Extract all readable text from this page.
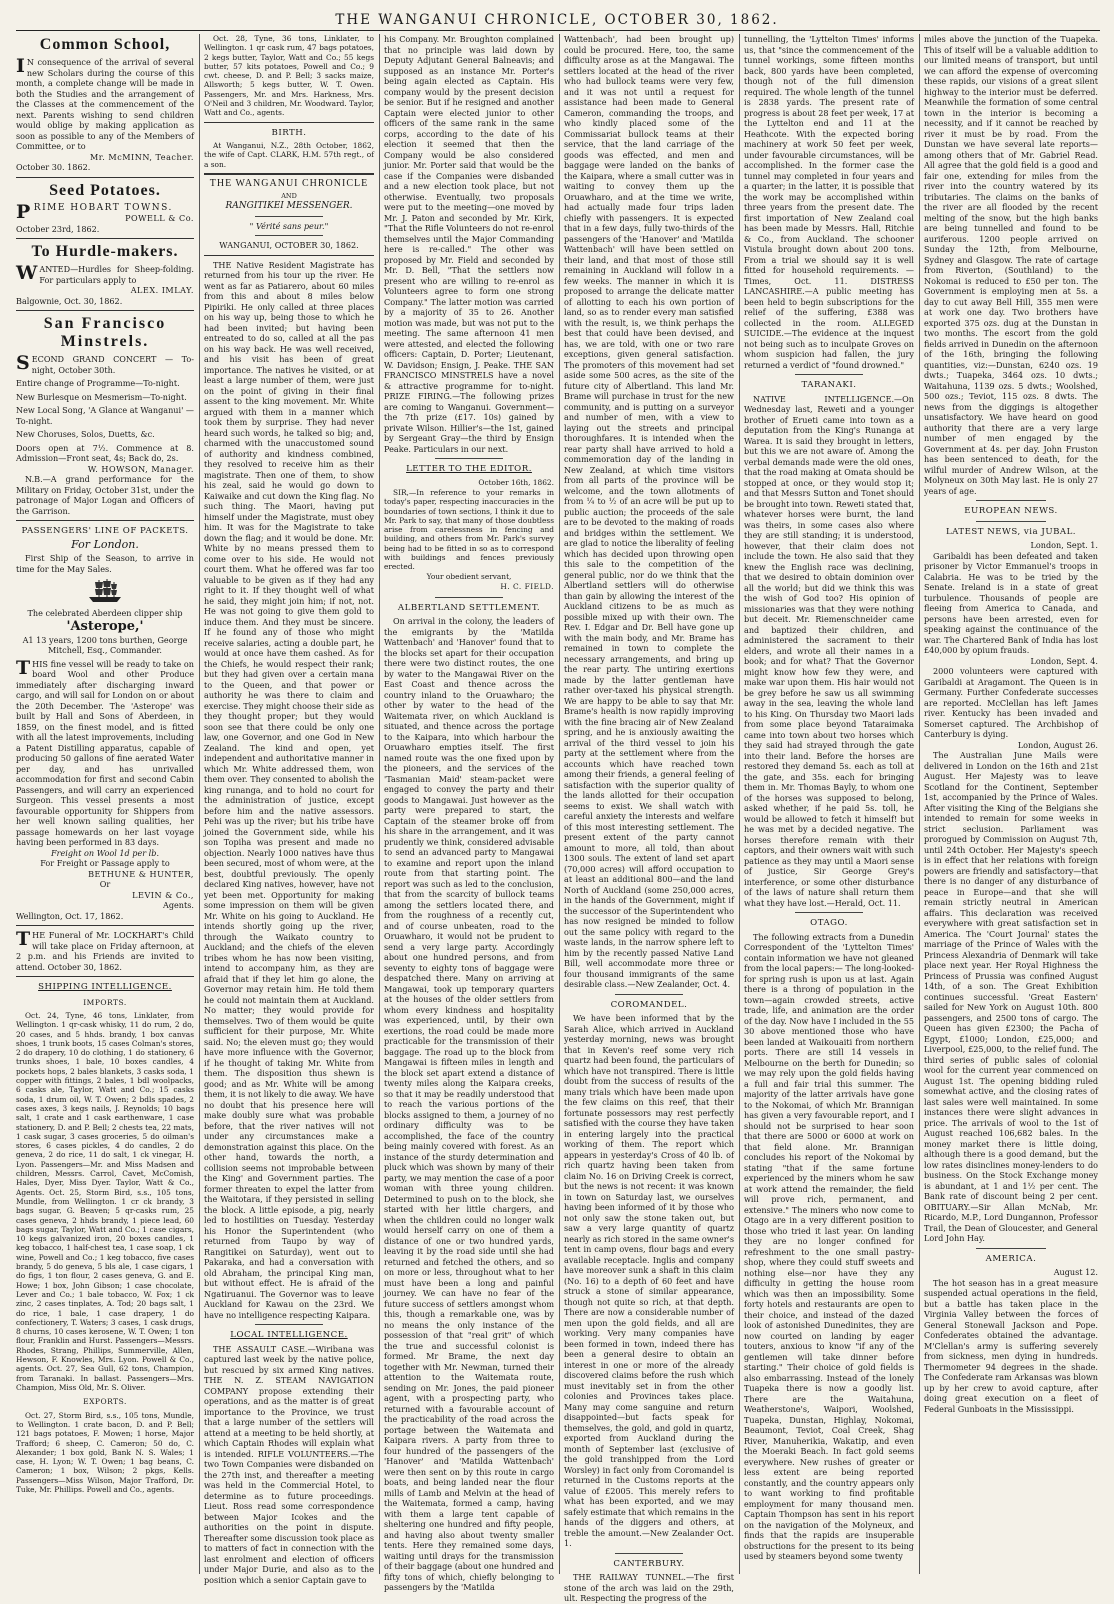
THE WANGANUI CHRONICLE, OCTOBER 30, 1862.
Common School,

IN consequence of the arrival of several new Scholars during the course of this month, a complete change will be made in both the Studies and the arrangement of the Classes at the commencement of the next. Parents wishing to send children would oblige by making application as soon as possible to any of the Members of Committee, or to

Mr. McMINN, Teacher.
October 30. 1862.
Seed Potatoes.

PRIME HOBART TOWNS.

POWELL & Co.
October 23rd, 1862.
To Hurdle-makers.

WANTED—Hurdles for Sheep-folding. For particulars apply to

ALEX. IMLAY.
Balgownie, Oct. 30, 1862.
San Francisco Minstrels.

SECOND GRAND CONCERT — To-night, October 30th.

Entire change of Programme—To-night.

New Burlesque on Mesmerism—To-night.

New Local Song, 'A Glance at Wanganui' —To-night.

New Choruses, Solos, Duetts, &c.

Doors open at 7½. Commence at 8. Admission—Front seat, 4s; Back do, 2s.

W. HOWSON, Manager.

N.B.—A grand performance for the Military on Friday, October 31st, under the patronage of Major Logan and Officers of the Garrison.

PASSENGERS' LINE OF PACKETS.
For London.

First Ship of the Season, to arrive in time for the May Sales.

The celebrated Aberdeen clipper ship
'Asterope,'
A1 13 years, 1200 tons burthen, George Mitchell, Esq., Commander.

THIS fine vessel will be ready to take on board Wool and other Produce immediately after discharging inward cargo, and will sail for London on or about the 20th December. The 'Asterope' was built by Hall and Sons of Aberdeen, in 1859, on the finest model, and is fitted with all the latest improvements, including a Patent Distilling apparatus, capable of producing 50 gallons of fine aerated Water per day, and has unrivalled accommodation for first and second Cabin Passengers, and will carry an experienced Surgeon. This vessel presents a most favourable opportunity for Shippers from her well known sailing qualities, her passage homewards on her last voyage having been performed in 83 days.

Freight on Wool 1d per lb.
For Freight or Passage apply to
BETHUNE & HUNTER,
Or
LEVIN & Co.,
Agents.
Wellington, Oct. 17, 1862.

THE Funeral of Mr. LOCKHART's Child will take place on Friday afternoon, at 2 p.m. and his Friends are invited to attend. October 30, 1862.

SHIPPING INTELLIGENCE.
IMPORTS.

Oct. 24, Tyne, 46 tons, Linklater, from Wellington. 1 qr-cask whisky, 11 do rum, 2 do, 20 cases, and 5 hhds. brandy, 1 box canvas shoes, 1 trunk boots, 15 cases Colman's stores, 2 do drapery, 10 do clothing, 1 do stationery, 6 trunks shoes, 1 bale, 10 boxes candles, 4 pockets hops, 2 bales blankets, 3 casks soda, 1 copper with fittings, 2 bales, 1 bdl woolpacks, 6 casks ale, Taylor, Watt and Co.; 15 casks soda, 1 drum oil, W. T. Owen; 2 bdls spades, 2 cases axes, 3 kegs nails, J. Reynolds; 10 bags salt, 1 crate and 1 cask earthenware, 1 case stationery, D. and P. Bell; 2 chests tea, 22 mats, 1 cask sugar, 3 cases groceries, 5 do oilman's stores, 6 cases pickles, 4 do candles, 2 do geneva, 2 do rice, 11 do salt, 1 ck vinegar, H. Lyon. Passengers—Mr. and Miss Madsen and children, Messrs. Carrol, Cavet, McComish, Hales, Dyer, Miss Dyer. Taylor, Watt & Co., Agents. Oct. 25, Storm Bird, s.s., 105 tons, Mundle, from Wellington. 1 cr ck brandy, 3 bags sugar, G. Beaven; 5 qr-casks rum, 25 cases geneva, 2 hhds brandy, 1 piece lead, 60 bags sugar, Taylor, Watt and Co.; 1 case cigars, 10 kegs galvanized iron, 20 boxes candles, 1 keg tobacco, 1 half-chest tea, 1 case soap, 1 ck wine, Powell and Co.; 1 keg tobacco, five cases brandy, 5 do geneva, 5 bls ale, 1 case cigars, 1 do figs, 1 ton flour, 2 cases geneva, G. and E. Howe; 1 box, John Gibson; 1 case chocolate, Lever and Co.; 1 bale tobacco, W. Fox; 1 ck zinc, 2 cases tinplates, A. Tod; 20 bags salt, 1 do rice, 1 bale, 1 case drapery, 1 do confectionery, T. Waters; 3 cases, 1 cask drugs, 8 churns, 10 cases kerosene, W. T. Owen; 1 ton flour, Franklin and Hurst. Passengers—Messrs. Rhodes, Strang, Phillips, Summerville, Allen, Hewson, F. Knowles, Mrs. Lyon. Powell & Co., agents. Oct. 27, Sea Gull, 62 tons, Champion, from Taranaki. In ballast. Passengers—Mrs. Champion, Miss Old, Mr. S. Oliver.

EXPORTS.

Oct. 27, Storm Bird, s.s., 105 tons, Mundle, to Wellington. 1 crate bacon, D. and P. Bell; 121 bags potatoes, F. Mowen; 1 horse, Major Trafford; 6 sheep, C. Cameron; 50 do, C. Alexander; 1 box gold, Bank N. S. Wales; 1 case, H. Lyon; W. T. Owen; 1 bag beans, C. Cameron; 1 box, Wilson; 2 pkgs, Kells. Passengers—Miss Wilson, Major Trafford, Dr. Tuke, Mr. Phillips. Powell and Co., agents.

Oct. 28, Tyne, 36 tons, Linklater, to Wellington. 1 qr cask rum, 47 bags potatoes, 2 kegs butter, Taylor, Watt and Co.; 55 kegs butter, 57 kits potatoes, Powell and Co.; 9 cwt. cheese, D. and P. Bell; 3 sacks maize, Allsworth; 5 kegs butter, W. T. Owen. Passengers, Mr. and Mrs. Harkness, Mrs. O'Neil and 3 children, Mr. Woodward. Taylor, Watt and Co., agents.

BIRTH.

At Wanganui, N.Z., 28th October, 1862, the wife of Capt. CLARK, H.M. 57th regt., of a son.

THE WANGANUI CHRONICLE
AND
RANGITIKEI MESSENGER.
" Vérité sans peur."
WANGANUI, OCTOBER 30, 1862.

THE Native Resident Magistrate has returned from his tour up the river. He went as far as Patiarero, about 60 miles from this and about 8 miles below Pipiriki. He only called at three places on his way up, being those to which he had been invited; but having been entreated to do so, called at all the pas on his way back. He was well received, and his visit has been of great importance. The natives he visited, or at least a large number of them, were just on the point of giving in their final assent to the king movement. Mr. White argued with them in a manner which took them by surprise. They had never heard such words, he talked so big; and, charmed with the unaccustomed sound of authority and kindness combined, they resolved to receive him as their magistrate. Then one of them, to show his zeal, said he would go down to Kaiwaike and cut down the King flag. No such thing. The Maori, having put himself under the Magistrate, must obey him. It was for the Magistrate to take down the flag; and it would be done. Mr. White by no means pressed them to come over to his side. He would not court them. What he offered was far too valuable to be given as if they had any right to it. If they thought well of what he said, they might join him; if not, not. He was not going to give them gold to induce them. And they must be sincere. If he found any of those who might receive salaries, acting a double part, he would at once have them cashed. As for the Chiefs, he would respect their rank; but they had given over a certain mana to the Queen, and that power or authority he was there to claim and exercise. They might choose their side as they thought proper; but they would soon see that there could be only one law, one Governor, and one God in New Zealand. The kind and open, yet independent and authoritative manner in which Mr. White addressed them, won them over. They consented to abolish the king runanga, and to hold no court for the administration of justice, except before him and the native assessors. Pehi was up the river; but his tribe have joined the Government side, while his son Topiha was present and made no objection. Nearly 1000 natives have thus been secured, most of whom were, at the best, doubtful previously. The openly declared King natives, however, have not yet been met. Opportunity for making some impression on them will be given Mr. White on his going to Auckland. He intends shortly going up the river, through the Waikato country to Auckland; and the chiefs of the eleven tribes whom he has now been visiting, intend to accompany him, as they are afraid that if they let him go alone, the Governor may retain him. He told them he could not maintain them at Auckland. No matter; they would provide for themselves. Two of them would be quite sufficient for their purpose, Mr. White said. No; the eleven must go; they would have more influence with the Governor, if he thought of taking Mr. White from them. The disposition thus shewn is good; and as Mr. White will be among them, it is not likely to die away. We have no doubt that his presence here will make doubly sure what was probable before, that the river natives will not under any circumstances make a demonstration against this place. On the other hand, towards the north, a collision seems not improbable between the King' and Government parties. The former threaten to expel the latter from the Waitotara, if they persisted in selling the block. A little episode, a pig, nearly led to hostilities on Tuesday. Yesterday his Honor the Superintendent (who returned from Taupo by way of Rangitikei on Saturday), went out to Pakaraka, and had a conversation with old Abraham, the principal King man, but without effect. He is afraid of the Ngatiruanui. The Governor was to leave Auckland for Kawau on the 23rd. We have no intelligence respecting Kaipara.

LOCAL INTELLIGENCE.

THE ASSAULT CASE.—Wiribana was captured last week by the native police, but rescued by six armed King natives. THE N. Z. STEAM NAVIGATION COMPANY propose extending their operations, and as the matter is of great importance to the Province, we trust that a large number of the settlers will attend at a meeting to be held shortly, at which Captain Rhodes will explain what is intended. RIFLE VOLUNTEERS.—The two Town Companies were disbanded on the 27th inst, and thereafter a meeting was held in the Commercial Hotel, to determine as to future proceedings. Lieut. Ross read some correspondence between Major Icokes and the authorities on the point in dispute. Thereafter some discussion took place as to matters of fact in connection with the last enrolment and election of officers under Major Durie, and also as to the position which a senior Captain gave to

his Company. Mr. Broughton complained that no principle was laid down by Deputy Adjutant General Balneavis; and supposed as an instance Mr. Porter's being again elected as Captain. His company would by the present decision be senior. But if he resigned and another Captain were elected junior to other officers of the same rank in the same corps, according to the date of his election it seemed that then the Company would be also considered junior. Mr. Porter said that would be the case if the Companies were disbanded and a new election took place, but not otherwise. Eventually, two proposals were put to the meeting—one moved by Mr. J. Paton and seconded by Mr. Kirk, "That the Rifle Volunteers do not re-enrol themselves until the Major Commanding here is re-called." The other was proposed by Mr. Field and seconded by Mr. D. Bell, "That the settlers now present who are willing to re-enrol as Volunteers agree to form one strong Company." The latter motion was carried by a majority of 35 to 26. Another motion was made, but was not put to the meeting. The same afternoon 41 men were attested, and elected the following officers: Captain, D. Porter; Lieutenant, W. Davidson; Ensign, J. Peake. THE SAN FRANCISCO MINSTRELS have a novel & attractive programme for to-night. PRIZE FIRING.—The following prizes are coming to Wanganui. Government—the 7th prize (£17. 10s) gained by private Wilson. Hillier's—the 1st, gained by Sergeant Gray—the third by Ensign Peake. Particulars in our next.

LETTER TO THE EDITOR.
October 16th, 1862.

SIR,—In reference to your remarks in today's paper, respecting inaccuracies in the boundaries of town sections, I think it due to Mr. Park to say, that many of those doubtless arise from carelessness in fencing and building, and others from Mr. Park's survey being had to be fitted in so as to correspond with buildings and fences previously erected.

Your obedient servant,
H. C. FIELD.
ALBERTLAND SETTLEMENT.

On arrival in the colony, the leaders of the emigrants by the 'Matilda Wattenbach' and 'Hanover' found that to the blocks set apart for their occupation there were two distinct routes, the one by water to the Mangawai River on the East Coast and thence across the country inland to the Oruawharo; the other by water to the head of the Waitemata river, on which Auckland is situated, and thence across the portage to the Kaipara, into which harbour the Oruawharo empties itself. The first named route was the one fixed upon by the pioneers, and the services of the 'Tasmanian Maid' steam-packet were engaged to convey the party and their goods to Mangawai. Just however as the party were prepared to start, the Captain of the steamer broke off from his share in the arrangement, and it was prudently we think, considered advisable to send an advanced party to Mangawai to examine and report upon the inland route from that starting point. The report was such as led to the conclusion, that from the scarcity of bullock teams among the settlers located there, and from the roughness of a recently cut, and of course unbeaten, road to the Oruawharo, it would not be prudent to send a very large party. Accordingly about one hundred persons, and from seventy to eighty tons of baggage were despatched there. Many on arriving at Mangawai, took up temporary quarters at the houses of the older settlers from whom every kindness and hospitality was experienced, until, by their own exertions, the road could be made more practicable for the transmission of their baggage. The road up to the block from Mangawai is fifteen miles in length and the block set apart extend a distance of twenty miles along the Kaipara creeks, so that it may be readily understood that to reach the various portions of the blocks assigned to them, a journey of no ordinary difficulty was to be accomplished, the face of the country being mainly covered with forest. As an instance of the sturdy determination and pluck which was shown by many of their party, we may mention the case of a poor woman with three young children. Determined to push on to the block, she started with her little chargers, and when the children could no longer walk would herself carry on one of them a distance of one or two hundred yards, leaving it by the road side until she had returned and fetched the others, and so on more or less, throughout what to her must have been a long and painful journey. We can have no fear of the future success of settlers amongst whom this, though a remarkable one, was by no means the only instance of the possession of that "real grit" of which the true and successful colonist is formed. Mr Brame, the next day together with Mr. Newman, turned their attention to the Waitemata route, sending on Mr. Jones, the paid pioneer agent, with a prospecting party, who returned with a favourable account of the practicability of the road across the portage between the Waitemata and Kaipara rivers. A party from three to four hundred of the passengers of the 'Hanover' and 'Matilda Wattenbach' were then sent on by this route in cargo boats, and being landed near the flour mills of Lamb and Melvin at the head of the Waitemata, formed a camp, having with them a large tent capable of sheltering one hundred and fifty people, and having also about twenty smaller tents. Here they remained some days, waiting until drays for the transmission of their baggage (about one hundred and fifty tons of which, chiefly belonging to passengers by the 'Matilda

Wattenbach', had been brought up) could be procured. Here, too, the same difficulty arose as at the Mangawai. The settlers located at the head of the river who had bullock teams were very few, and it was not until a request for assistance had been made to General Cameron, commanding the troops, and who kindly placed some of the Commissariat bullock teams at their service, that the land carriage of the goods was effected, and men and baggage were landed on the banks of the Kaipara, where a small cutter was in waiting to convey them up the Oruawharo, and at the time we write, had actually made four trips laden chiefly with passengers. It is expected that in a few days, fully two-thirds of the passengers of the 'Hanover' and 'Matilda Wattenbach' will have been settled on their land, and that most of those still remaining in Auckland will follow in a few weeks. The manner in which it is proposed to arrange the delicate matter of allotting to each his own portion of land, so as to render every man satisfied with the result, is, we think perhaps the best that could have been devised, and has, we are told, with one or two rare exceptions, given general satisfaction. The promoters of this movement had set aside some 500 acres, as the site of the future city of Albertland. This land Mr. Brame will purchase in trust for the new community, and is putting on a surveyor and number of men, with a view to laying out the streets and principal thoroughfares. It is intended when the rear party shall have arrived to hold a commemoration day of the landing in New Zealand, at which time visitors from all parts of the province will be welcome, and the town allotments of from ¼ to ½ of an acre will be put up to public auction; the proceeds of the sale are to be devoted to the making of roads and bridges within the settlement. We are glad to notice the liberality of feeling which has decided upon throwing open this sale to the competition of the general public, nor do we think that the Albertland settlers will do otherwise than gain by allowing the interest of the Auckland citizens to be as much as possible mixed up with their own. The Rev. I. Edgar and Dr. Bell have gone up with the main body, and Mr. Brame has remained in town to complete the necessary arrangements, and bring up the rear party. The untiring exertions made by the latter gentleman have rather over-taxed his physical strength. We are happy to be able to say that Mr. Brame's health is now rapidly improving with the fine bracing air of New Zealand spring, and he is anxiously awaiting the arrival of the third vessel to join his party at the settlement where from the accounts which have reached town among their friends, a general feeling of satisfaction with the superior quality of the lands allotted for their occupation seems to exist. We shall watch with careful anxiety the interests and welfare of this most interesting settlement. The present extent of the party cannot amount to more, all told, than about 1300 souls. The extent of land set apart (70,000 acres) will afford occupation to at least an additional 800—and the land North of Auckland (some 250,000 acres, in the hands of the Government, might if the successor of the Superintendent who has now resigned be minded to follow out the same policy with regard to the waste lands, in the narrow sphere left to him by the recently passed Native Land Bill, well accommodate more three or four thousand immigrants of the same desirable class.—New Zealander, Oct. 4.

COROMANDEL.

We have been informed that by the Sarah Alice, which arrived in Auckland yesterday morning, news was brought that in Keven's reef some very rich quartz had been found, the particulars of which have not transpired. There is little doubt from the success of results of the many trials which have been made upon the few claims on this reef, that their fortunate possessors may rest perfectly satisfied with the course they have taken in entering largely into the practical working of them. The report which appears in yesterday's Cross of 40 lb. of rich quartz having been taken from claim No. 16 on Driving Creek is correct, but the news is not recent: it was known in town on Saturday last, we ourselves having been informed of it by those who not only saw the stone taken out, but saw a very large quantity of quartz nearly as rich stored in the same owner's tent in camp ovens, flour bags and every available receptacle. Inglis and company have moreover sunk a shaft in this claim (No. 16) to a depth of 60 feet and have struck a stone of similar appearance, though not quite so rich, at that depth. There are now a considerable number of men upon the gold fields, and all are working. Very many companies have been formed in town, indeed there has been a general desire to obtain an interest in one or more of the already discovered claims before the rush which must inevitably set in from the other colonies and Provinces takes place. Many may come sanguine and return disappointed—but facts speak for themselves, the gold, and gold in quartz, exported from Auckland during the month of September last (exclusive of the gold transhipped from the Lord Worsley) in fact only from Coromandel is returned in the Customs reports at the value of £2005. This merely refers to what has been exported, and we may safely estimate that which remains in the hands of the diggers and others, at treble the amount.—New Zealander Oct. 1.

CANTERBURY.

THE RAILWAY TUNNEL.—The first stone of the arch was laid on the 29th, ult. Respecting the progress of the

tunnelling, the 'Lyttelton Times' informs us, that "since the commencement of the tunnel workings, some fifteen months back, 800 yards have been completed, though not of the full dimension required. The whole length of the tunnel is 2838 yards. The present rate of progress is about 28 feet per week, 17 at the Lyttelton end and 11 at the Heathcote. With the expected boring machinery at work 50 feet per week, under favourable circumstances, will be accomplished. In the former case the tunnel may completed in four years and a quarter; in the latter, it is possible that the work may be accomplished within three years from the present date. The first importation of New Zealand coal has been made by Messrs. Hall, Ritchie & Co., from Auckland. The schooner Vistula brought down about 200 tons. From a trial we should say it is well fitted for household requirements. —Times, Oct. 11. DISTRESS LANCASHIRE.—A public meeting has been held to begin subscriptions for the relief of the suffering, £388 was collected in the room. ALLEGED SUICIDE.—The evidence at the inquest not being such as to inculpate Groves on whom suspicion had fallen, the jury returned a verdict of "found drowned."

TARANAKI.

NATIVE INTELLIGENCE.—On Wednesday last, Reweti and a younger brother of Erueti came into town as a deputation from the King's Runanga at Warea. It is said they brought in letters, but this we are not aware of. Among the verbal demands made were the old ones, that the road making at Omata should be stopped at once, or they would stop it; and that Messrs Sutton and Tonet should be brought into town. Reweti stated that, whatever horses were burnt, the land was theirs, in some cases also where they are still standing; it is understood, however, that their claim does not include the town. He also said that they knew the English race was declining, that we desired to obtain dominion over all the world; but did we think this was the wish of God too? His opinion of missionaries was that they were nothing but deceit. Mr. Riemenschneider came and baptized their children, and administered the sacrament to their elders, and wrote all their names in a book; and for what? That the Governor might know how few they were, and make war upon them. His hair would not be grey before he saw us all swimming away in the sea, leaving the whole land to his King. On Thursday two Maori lads from some place beyond Tataraimaka came into town about two horses which they said had strayed through the gate into their land. Before the horses are restored they demand 5s. each as toll at the gate, and 35s. each for bringing them in. Mr. Thomas Bayly, to whom one of the horses was supposed to belong, asked whether, if he paid 5s. toll, he would be allowed to fetch it himself! but he was met by a decided negative. The horses therefore remain with their captors, and their owners wait with such patience as they may until a Maori sense of justice, Sir George Grey's interference, or some other disturbance of the laws of nature shall return them what they have lost.—Herald, Oct. 11.

OTAGO.

The following extracts from a Dunedin Correspondent of the 'Lyttelton Times' contain information we have not gleaned from the local papers:— The long-looked-for spring rush is upon us at last. Again there is a throng of population in the town—again crowded streets, active trade, life, and animation are the order of the day. Now have I included in the 55 30 above mentioned those who have been landed at Waikouaiti from northern ports. There are still 14 vessels in Melbourne on the berth for Dunedin; so we may rely upon the gold fields having a full and fair trial this summer. The majority of the latter arrivals have gone to the Nokomai, of which Mr. Brannigan has given a very favourable report, and I should not be surprised to hear soon that there are 5000 or 6000 at work on that field alone. Mr. Brannigan concludes his report of the Nokomai by stating "that if the same fortune experienced by the miners whom he saw at work attend the remainder, the field will prove rich, permanent, and extensive." The miners who now come to Otago are in a very different position to those who tried it last year. On landing they are no longer confined for refreshment to the one small pastry-shop, where they could stuff sweets and nothing else—nor have they any difficulty in getting the house room which was then an impossibility. Some forty hotels and restaurants are open to their choice, and instead of the dazed look of astonished Dunedinites, they are now courted on landing by eager touters, anxious to know "if any of the gentlemen will take dinner before starting." Their choice of gold fields is also embarrassing. Instead of the lonely Tuapeka there is now a goodly list. There are the Waitahuna, Weatherstone's, Waipori, Woolshed, Tuapeka, Dunstan, Highlay, Nokomai, Beaumont, Teviot, Coal Creek, Shag River, Manuherikia, Wakatip, and even the Moeraki Beach. In fact gold seems everywhere. New rushes of greater or less extent are being reported constantly, and the country appears only to want working to find profitable employment for many thousand men. Captain Thompson has sent in his report on the navigation of the Molyneux, and finds that the rapids are insuperable obstructions for the present to its being used by steamers beyond some twenty

miles above the junction of the Tuapeka. This of itself will be a valuable addition to our limited means of transport, but until we can afford the expense of overcoming these rapids, our visions of a great silent highway to the interior must be deferred. Meanwhile the formation of some central town in the interior is becoming a necessity, and if it cannot be reached by river it must be by road. From the Dunstan we have several late reports—among others that of Mr. Gabriel Read. All agree that the gold field is a good and fair one, extending for miles from the river into the country watered by its tributaries. The claims on the banks of the river are all flooded by the recent melting of the snow, but the high banks are being tunnelled and found to be auriferous. 1200 people arrived on Sunday the 12th, from Melbourne, Sydney and Glasgow. The rate of cartage from Riverton, (Southland) to the Nokomai is reduced to £50 per ton. The Government is employing men at 5s. a day to cut away Bell Hill, 355 men were at work one day. Two brothers have exported 375 ozs. dug at the Dunstan in two months. The escort from the gold fields arrived in Dunedin on the afternoon of the 16th, bringing the following quantities, viz:—Dunstan, 6240 ozs. 19 dwts.; Tuapeka, 3464 ozs. 10 dwts.; Waitahuna, 1139 ozs. 5 dwts.; Woolshed, 500 ozs.; Teviot, 115 ozs. 8 dwts. The news from the diggings is altogether unsatisfactory. We have heard on good authority that there are a very large number of men engaged by the Government at 4s. per day. John Fruston has been sentenced to death, for the wilful murder of Andrew Wilson, at the Molyneux on 30th May last. He is only 27 years of age.

EUROPEAN NEWS.
LATEST NEWS, via JUBAL.
London, Sept. 1.

Garibaldi has been defeated and taken prisoner by Victor Emmanuel's troops in Calabria. He was to be tried by the Senate. Ireland is in a state of great turbulence. Thousands of people are fleeing from America to Canada, and persons have been arrested, even for speaking against the continuance of the war. The Chartered Bank of India has lost £40,000 by opium frauds.

London, Sept. 4.

2000 volunteers were captured with Garibaldi at Aragamont. The Queen is in Germany. Further Confederate successes are reported. McClellan has left James river. Kentucky has been invaded and Somerset captured. The Archbishop of Canterbury is dying.

London, August 26.

The Australian June Mails were delivered in London on the 16th and 21st August. Her Majesty was to leave Scotland for the Continent, September 1st, accompanied by the Prince of Wales. After visiting the King of the Belgians she intended to remain for some weeks in strict seclusion. Parliament was prorogued by Commission on August 7th, until 24th October. Her Majesty's speech is in effect that her relations with foreign powers are friendly and satisfactory—that there is no danger of any disturbance of peace in Europe—and that she will remain strictly neutral in American affairs. This declaration was received everywhere with great satisfaction set in America. The 'Court Journal' states the marriage of the Prince of Wales with the Princess Alexandria of Denmark will take place next year. Her Royal Highness the Princess of Prussia was confined August 14th, of a son. The Great Exhibition continues successful. 'Great Eastern' sailed for New York on August 10th. 800 passengers, and 2500 tons of cargo. The Queen has given £2300; the Pacha of Egypt, £1000; London, £25,000; and Liverpool, £25,000, to the relief fund. The third series of public sales of colonial wool for the current year commenced on August 1st. The opening bidding ruled somewhat active, and the closing rates of last sales were well maintained. In some instances there were slight advances in price. The arrivals of wool to the 1st of August reached 106,682 bales. In the money market there is little doing, although there is a good demand, but the low rates disinclines money-lenders to do business. On the Stock Exchange money is abundant, at 1 and 1½ per cent. The Bank rate of discount being 2 per cent. OBITUARY.—Sir Allan McNab, Mr. Ricardo, M.P., Lord Dungannon, Professor Trail, the Dean of Gloucester, and General Lord John Hay.

AMERICA.
August 12.

The hot season has in a great measure suspended actual operations in the field, but a battle has taken place in the Virginia Valley between the forces of General Stonewall Jackson and Pope. Confederates obtained the advantage. M'Clellan's army is suffering severely from sickness, men dying in hundreds. Thermometer 94 degrees in the shade. The Confederate ram Arkansas was blown up by her crew to avoid capture, after doing great execution on a fleet of Federal Gunboats in the Mississippi.
